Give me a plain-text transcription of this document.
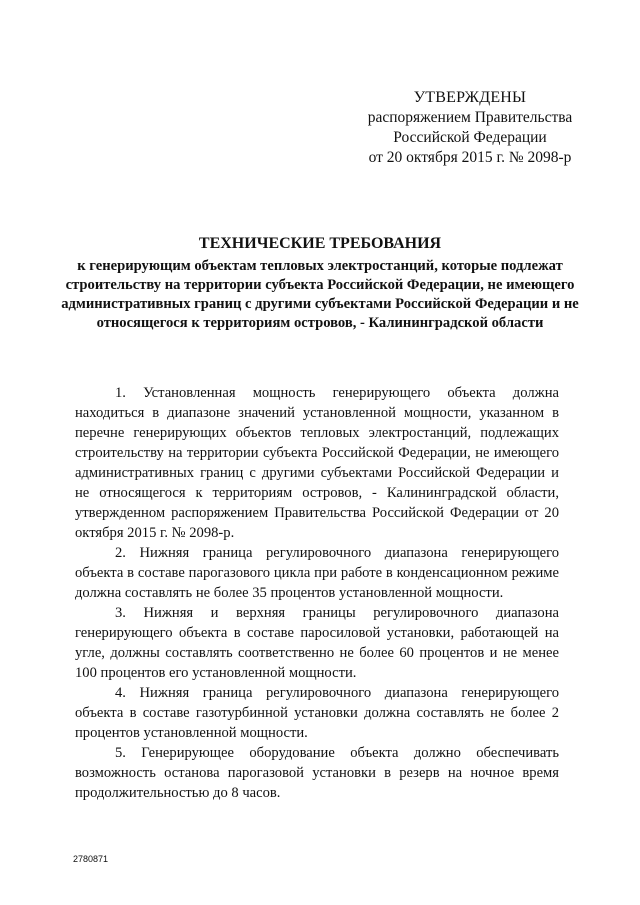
УТВЕРЖДЕНЫ
распоряжением Правительства
Российской Федерации
от 20 октября 2015 г. № 2098-р
ТЕХНИЧЕСКИЕ ТРЕБОВАНИЯ
к генерирующим объектам тепловых электростанций, которые подлежат строительству на территории субъекта Российской Федерации, не имеющего административных границ с другими субъектами Российской Федерации и не относящегося к территориям островов, - Калининградской области

1. Установленная мощность генерирующего объекта должна находиться в диапазоне значений установленной мощности, указанном в перечне генерирующих объектов тепловых электростанций, подлежащих строительству на территории субъекта Российской Федерации, не имеющего административных границ с другими субъектами Российской Федерации и не относящегося к территориям островов, - Калининградской области, утвержденном распоряжением Правительства Российской Федерации от 20 октября 2015 г. № 2098-р.

2. Нижняя граница регулировочного диапазона генерирующего объекта в составе парогазового цикла при работе в конденсационном режиме должна составлять не более 35 процентов установленной мощности.

3. Нижняя и верхняя границы регулировочного диапазона генерирующего объекта в составе паросиловой установки, работающей на угле, должны составлять соответственно не более 60 процентов и не менее 100 процентов его установленной мощности.

4. Нижняя граница регулировочного диапазона генерирующего объекта в составе газотурбинной установки должна составлять не более 2 процентов установленной мощности.

5. Генерирующее оборудование объекта должно обеспечивать возможность останова парогазовой установки в резерв на ночное время продолжительностью до 8 часов.

2780871
